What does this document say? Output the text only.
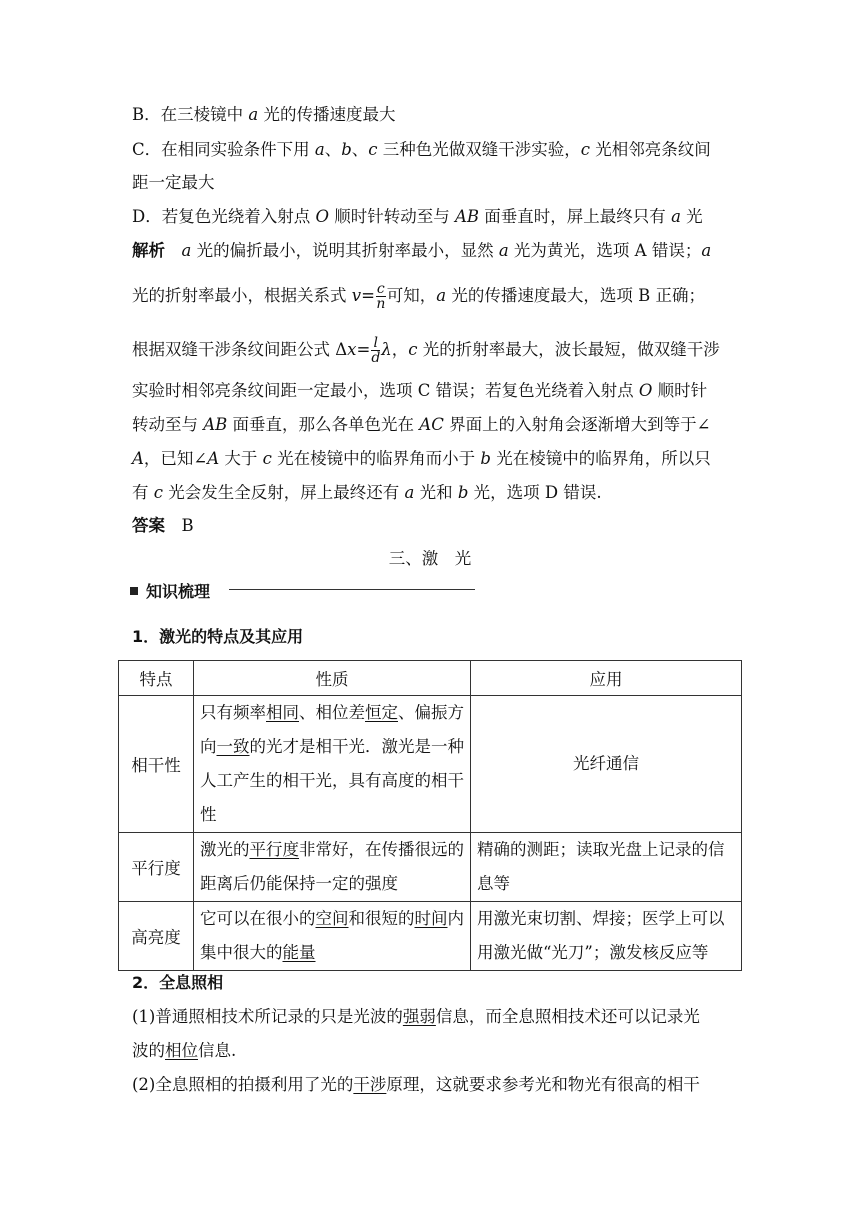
B．在三棱镜中 a 光的传播速度最大
C．在相同实验条件下用 a、b、c 三种色光做双缝干涉实验，c 光相邻亮条纹间
距一定最大
D．若复色光绕着入射点 O 顺时针转动至与 AB 面垂直时，屏上最终只有 a 光
解析　 a 光的偏折最小，说明其折射率最小，显然 a 光为黄光，选项 A 错误；a
光的折射率最小，根据关系式 $v= \frac{c}{n}$ 可知，a 光的传播速度最大，选项 B 正确；
根据双缝干涉条纹间距公式 $\Delta x= \frac{l}{d}$ λ，c 光的折射率最大，波长最短，做双缝干涉
实验时相邻亮条纹间距一定最小，选项 C 错误；若复色光绕着入射点 O 顺时针
转动至与 AB 面垂直，那么各单色光在 AC 界面上的入射角会逐渐增大到等于∠
A，已知∠A 大于 c 光在棱镜中的临界角而小于 b 光在棱镜中的临界角，所以只
有 c 光会发生全反射，屏上最终还有 a 光和 b 光，选项 D 错误.
答案　B
三、激　光
知识梳理
1．激光的特点及其应用
特点	性质	应用
相干性	只有频率相同、相位差恒定、偏振方向一致的光才是相干光．激光是一种人工产生的相干光，具有高度的相干性	光纤通信
平行度	激光的平行度非常好，在传播很远的距离后仍能保持一定的强度	精确的测距；读取光盘上记录的信息等
高亮度	它可以在很小的空间和很短的时间内集中很大的能量	用激光束切割、焊接；医学上可以用激光做“光刀”；激发核反应等
2．全息照相
(1)普通照相技术所记录的只是光波的强弱信息，而全息照相技术还可以记录光
波的相位信息.
(2)全息照相的拍摄利用了光的干涉原理，这就要求参考光和物光有很高的相干
